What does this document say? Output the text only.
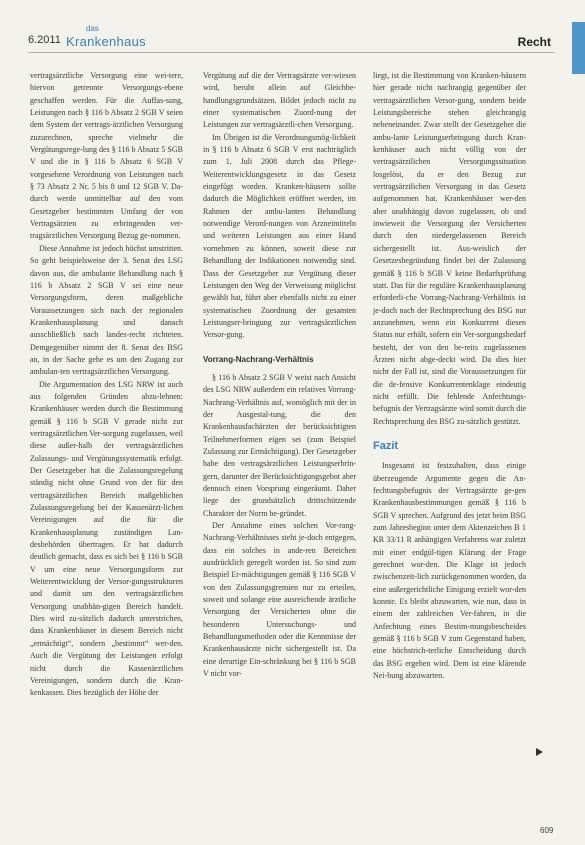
6.2011
das
Krankenhaus	Recht

vertragsärztliche Versorgung eine wei-tere, hiervon getrennte Versorgungs-ebene geschaffen werden. Für die Auffas-sung, Leistungen nach § 116 b Absatz 2 SGB V seien dem System der vertrags-ärztlichen Versorgung zuzurechnen, spreche vielmehr die Vergütungsrege-lung des § 116 b Absatz 5 SGB V und die in § 116 b Absatz 6 SGB V vorgesehene Verordnung von Leistungen nach § 73 Absatz 2 Nr. 5 bis 8 und 12 SGB V. Da-durch werde unmittelbar auf den vom Gesetzgeber bestimmten Umfang der von Vertragsärzten zu erbringenden ver-tragsärztlichen Versorgung Bezug ge-nommen.

Diese Annahme ist jedoch höchst umstritten. So geht beispielsweise der 3. Senat des LSG davon aus, die ambulante Behandlung nach § 116 b Absatz 2 SGB V sei eine neue Versorgungsform, deren maßgebliche Voraussetzungen sich nach der regionalen Krankenhausplanung und danach ausschließlich nach landes-recht richteten. Demgegenüber nimmt der 8. Senat des BSG an, in der Sache gehe es um den Zugang zur ambulan-ten vertragsärztlichen Versorgung.

Die Argumentation des LSG NRW ist auch aus folgenden Gründen abzu-lehnen: Krankenhäuser werden durch die Bestimmung gemäß § 116 b SGB V gerade nicht zur vertragsärztlichen Ver-sorgung zugelassen, weil diese außer-halb der vertragsärztlichen Zulassungs- und Vergütungssystematik erfolgt. Der Gesetzgeber hat die Zulassungsregelung ständig nicht ohne Grund von der für den vertragsärztlichen Bereich maßgeblichen Zulassungsregelung bei der Kassenärzt-lichen Vereinigungen auf die für die Krankenhausplanung zuständigen Lan-desbehörden übertragen. Er hat dadurch deutlich gemacht, dass es sich bei § 116 b SGB V um eine neue Versorgungsform zur Weiterentwicklung der Versor-gungsstrukturen und damit um den vertragsärztlichen Versorgung unabhän-gigen Bereich handelt. Dies wird zu-sätzlich dadurch unterstrichen, dass Krankenhäuser in diesem Bereich nicht „ermächtigt“, sondern „bestimmt“ wer-den. Auch die Vergütung der Leistungen erfolgt nicht durch die Kassenärztlichen Vereinigungen, sondern durch die Kran-kenkassen. Dies bezüglich der Höhe der

Vergütung auf die der Vertragsärzte ver-wiesen wird, beruht allein auf Gleichbe-handlungsgrundsätzen. Bildet jedoch nicht zu einer systematischen Zuord-nung der Leistungen zur vertragsärztli-chen Versorgung.

Im Übrigen ist die Verordnungsmög-lichkeit in § 116 b Absatz 6 SGB V erst nachträglich zum 1. Juli 2008 durch das Pflege-Weiterentwicklungsgesetz in das Gesetz eingefügt worden. Kranken-häusern sollte dadurch die Möglichkeit eröffnet werden, im Rahmen der ambu-lanten Behandlung notwendige Verord-nungen von Arzneimitteln und weiteren Leistungen aus einer Hand vornehmen zu können, soweit diese zur Behandlung der Indikationen notwendig sind. Dass der Gesetzgeber zur Vergütung dieser Leistungen den Weg der Verweisung möglichst gewählt hat, führt aber ebenfalls nicht zu einer systematischen Zuordnung der gesamten Leistungser-bringung zur vertragsärztlichen Versor-gung.

Vorrang-Nachrang-Verhältnis

§ 116 b Absatz 2 SGB V weist nach Ansicht des LSG NRW außerdem ein relatives Vorrang-Nachrang-Verhältnis auf, womöglich mit der in der Ausgestal-tung, die den Krankenhausfachärzten der berücksichtigten Teilnehmerformen eigen sei (zum Beispiel Zulassung zur Ermächtigung). Der Gesetzgeber habe den vertragsärztlichen Leistungserbrin-gern, darunter der Berücksichtigungsgebot aber dennoch einen Vorsprung eingeräumt. Daher liege der grundsätzlich drittschützende Charakter der Norm be-gründet.

Der Annahme eines solchen Vor-rang-Nachrang-Verhältnisses steht je-doch entgegen, dass ein solches in ande-ren Bereichen ausdrücklich geregelt worden ist. So sind zum Beispiel Er-mächtigungen gemäß § 116 SGB V von den Zulassungsgremien nur zu erteilen, soweit und solange eine ausreichende ärztliche Versorgung der Versicherten ohne die besonderen Untersuchungs- und Behandlungsmethoden oder die Kenntnisse der Krankenhausärzte nicht sichergestellt ist. Da eine derartige Ein-schränkung bei § 116 b SGB V nicht vor-

liegt, ist die Bestimmung von Kranken-häusern hier gerade nicht nachrangig gegenüber der vertragsärztlichen Versor-gung, sondern beide Leistungsbereiche stehen gleichrangig nebeneinander. Zwar stellt der Gesetzgeber die ambu-lante Leistungserbringung durch Kran-kenhäuser auch nicht völlig von der vertragsärztlichen Versorgungssituation losgelöst, da er den Bezug zur vertragsärztlichen Versorgung in das Gesetz aufgenommen hat. Krankenhäuser wer-den aber unabhängig davon zugelassen, ob und inwieweit die Versorgung der Versicherten durch den niedergelassenen Bereich sichergestellt ist. Aus-weislich der Gesetzesbegründung findet bei der Zulassung gemäß § 116 b SGB V keine Bedarfsprüfung statt. Das für die reguläre Krankenhausplanung erforderli-che Vorrang-Nachrang-Verhältnis ist je-doch nach der Rechtsprechung des BSG nur anzunehmen, wenn ein Konkurrent diesen Status nur erhält, sofern ein Ver-sorgungsbedarf besteht, der von den be-reits zugelassenen Ärzten nicht abge-deckt wird. Da dies hier nicht der Fall ist, sind die Voraussetzungen für die de-fensive Konkurrentenklage eindeutig nicht erfüllt. Die fehlende Anfechtungs-befugnis der Vertragsärzte wird somit durch die Rechtsprechung des BSG zu-sätzlich gestützt.

Fazit

Insgesamt ist festzuhalten, dass einige überzeugende Argumente gegen die An-fechtungsbefugnis der Vertragsärzte ge-gen Krankenhausbestimmungen gemäß § 116 b SGB V sprechen. Aufgrund des jetzt beim BSG zum Jahresbeginn unter dem Aktenzeichen B 1 KR 33/11 R anhängigen Verfahrens war zuletzt mit einer endgül-tigen Klärung der Frage gerechnet wor-den. Die Klage ist jedoch zwischenzeit-lich zurückgenommen worden, da eine außergerichtliche Einigung erzielt wor-den konnte. Es bleibt abzuwarten, wie nun, dass in einem der zahlreichen Ver-fahren, in die Anfechtung eines Bestim-mungsbescheides gemäß § 116 b SGB V zum Gegenstand haben, eine höchstrich-terliche Entscheidung durch das BSG ergehen wird. Dem ist eine klärende Nei-bung abzuwarten.

609
